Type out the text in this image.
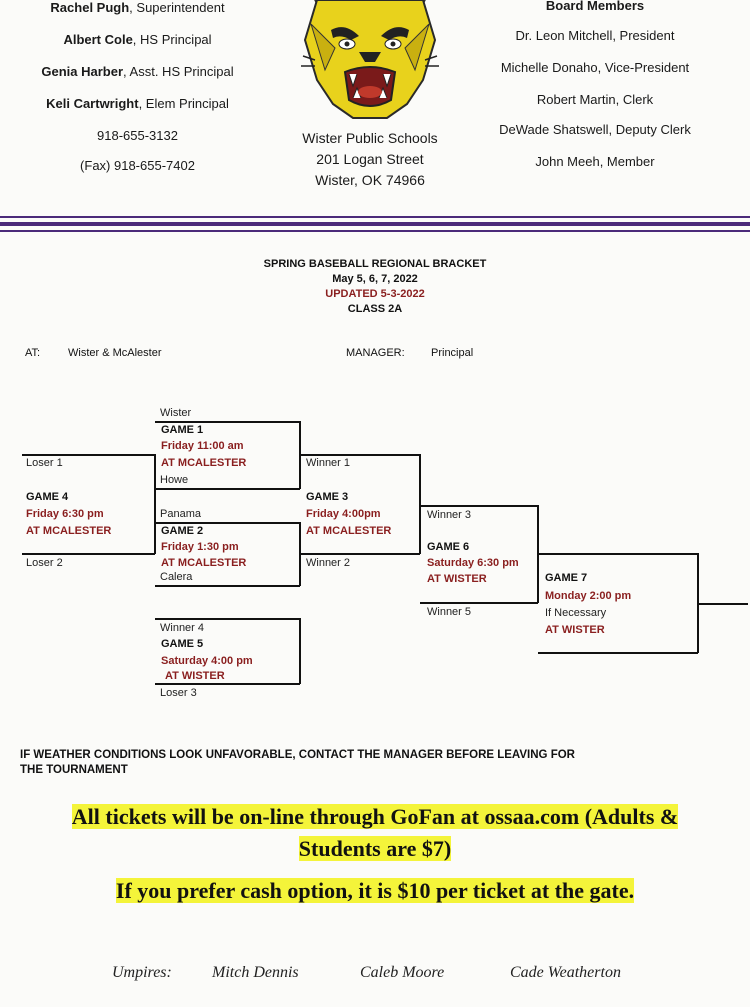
Rachel Pugh, Superintendent
Albert Cole, HS Principal
Genia Harber, Asst. HS Principal
Keli Cartwright, Elem Principal
918-655-3132
(Fax) 918-655-7402
Wister Public Schools
201 Logan Street
Wister, OK 74966
Board Members
Dr. Leon Mitchell, President
Michelle Donaho, Vice-President
Robert Martin, Clerk
DeWade Shatswell, Deputy Clerk
John Meeh, Member
SPRING BASEBALL REGIONAL BRACKET
May 5, 6, 7, 2022
UPDATED 5-3-2022
CLASS 2A
AT:	Wister & McAlester	MANAGER: Principal
Wister
GAME 1
Friday 11:00 am
AT MCALESTER
Howe
Panama
GAME 2
Friday 1:30 pm
AT MCALESTER
Calera
Loser 1
GAME 4
Friday 6:30 pm
AT MCALESTER
Loser 2
Winner 1
GAME 3
Friday 4:00pm
AT MCALESTER
Winner 2
Winner 3
GAME 6
Saturday 6:30 pm
AT WISTER
Winner 5
Winner 4
GAME 5
Saturday 4:00 pm
AT WISTER
Loser 3
GAME 7
Monday 2:00 pm
If Necessary
AT WISTER
IF WEATHER CONDITIONS LOOK UNFAVORABLE, CONTACT THE MANAGER BEFORE LEAVING FOR
THE TOURNAMENT
All tickets will be on-line through GoFan at ossaa.com (Adults &
Students are $7)
If you prefer cash option, it is $10 per ticket at the gate.
Umpires:	Mitch Dennis	Caleb Moore	Cade Weatherton
